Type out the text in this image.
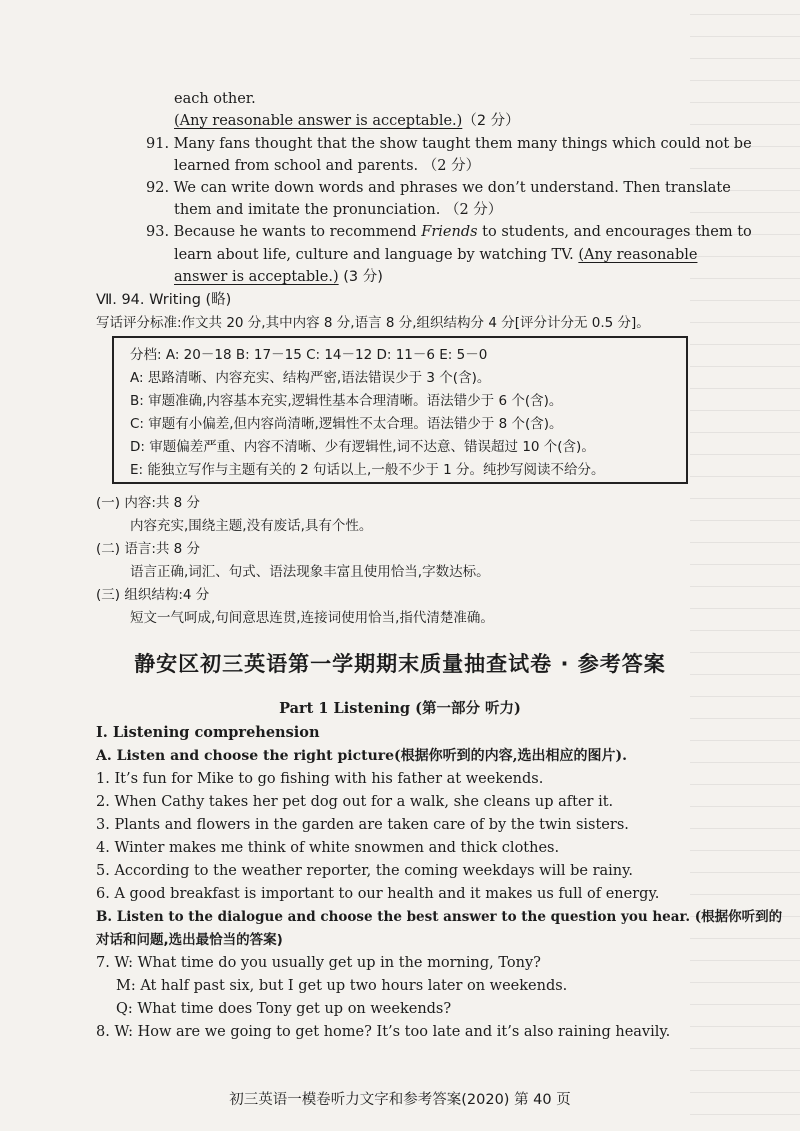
each other.
(Any reasonable answer is acceptable.)（2 分）
91. Many fans thought that the show taught them many things which could not be
learned from school and parents. （2 分）
92. We can write down words and phrases we don’t understand. Then translate
them and imitate the pronunciation. （2 分）
93. Because he wants to recommend Friends to students, and encourages them to
learn about life, culture and language by watching TV. (Any reasonable
answer is acceptable.) (3 分)
Ⅶ. 94. Writing (略)
写话评分标准:作文共 20 分,其中内容 8 分,语言 8 分,组织结构分 4 分[评分计分无 0.5 分]。
分档: A: 20－18 B: 17－15 C: 14－12 D: 11－6 E: 5－0
A: 思路清晰、内容充实、结构严密,语法错误少于 3 个(含)。
B: 审题准确,内容基本充实,逻辑性基本合理清晰。语法错少于 6 个(含)。
C: 审题有小偏差,但内容尚清晰,逻辑性不太合理。语法错少于 8 个(含)。
D: 审题偏差严重、内容不清晰、少有逻辑性,词不达意、错误超过 10 个(含)。
E: 能独立写作与主题有关的 2 句话以上,一般不少于 1 分。纯抄写阅读不给分。
(一) 内容:共 8 分
内容充实,围绕主题,没有废话,具有个性。
(二) 语言:共 8 分
语言正确,词汇、句式、语法现象丰富且使用恰当,字数达标。
(三) 组织结构:4 分
短文一气呵成,句间意思连贯,连接词使用恰当,指代清楚准确。
静安区初三英语第一学期期末质量抽查试卷 · 参考答案
Part 1 Listening (第一部分 听力)
Ⅰ. Listening comprehension
A. Listen and choose the right picture(根据你听到的内容,选出相应的图片).
1. It’s fun for Mike to go fishing with his father at weekends.
2. When Cathy takes her pet dog out for a walk, she cleans up after it.
3. Plants and flowers in the garden are taken care of by the twin sisters.
4. Winter makes me think of white snowmen and thick clothes.
5. According to the weather reporter, the coming weekdays will be rainy.
6. A good breakfast is important to our health and it makes us full of energy.
B. Listen to the dialogue and choose the best answer to the question you hear. (根据你听到的
对话和问题,选出最恰当的答案)
7. W: What time do you usually get up in the morning, Tony?
M: At half past six, but I get up two hours later on weekends.
Q: What time does Tony get up on weekends?
8. W: How are we going to get home? It’s too late and it’s also raining heavily.
初三英语一模卷听力文字和参考答案(2020) 第 40 页
